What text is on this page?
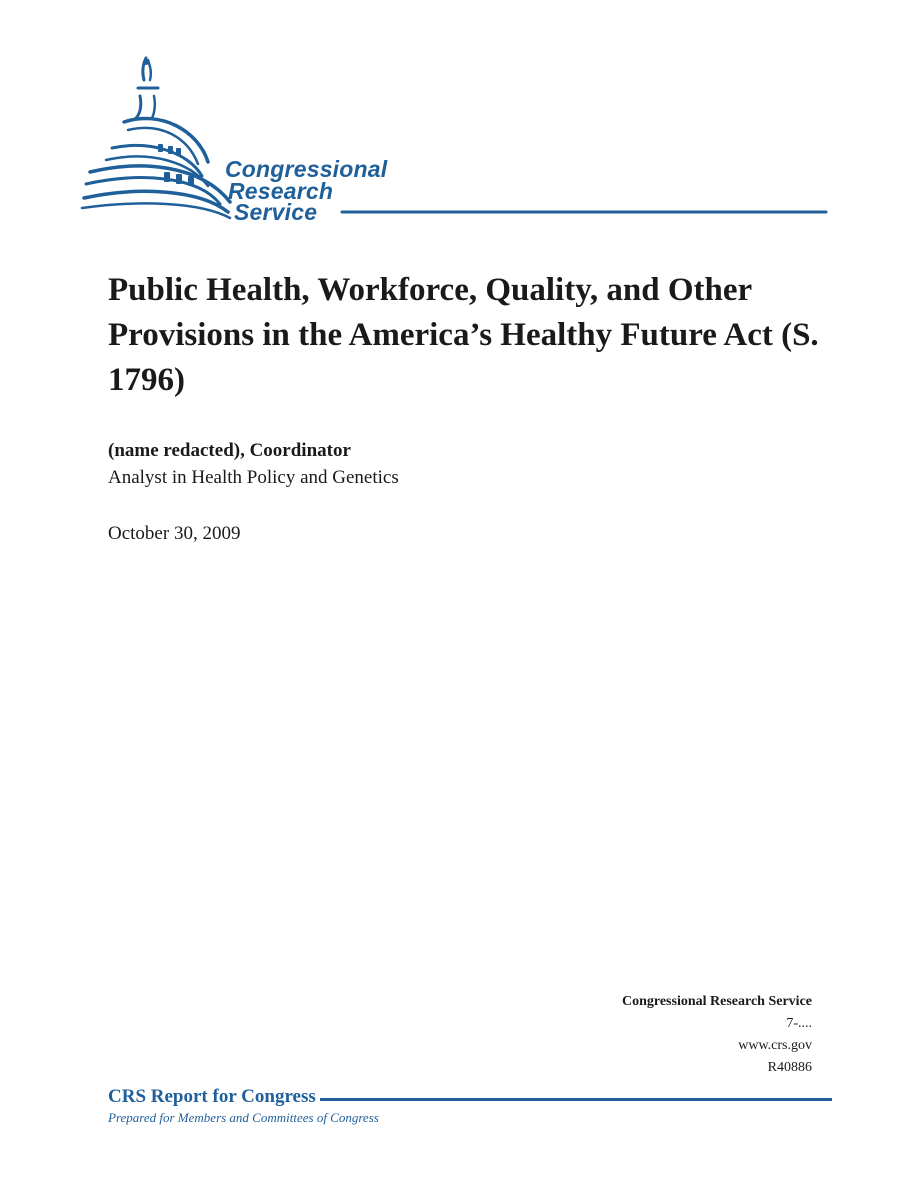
Congressional
Research
Service
Public Health, Workforce, Quality, and Other Provisions in the America’s Healthy Future Act (S. 1796)
(name redacted), Coordinator
Analyst in Health Policy and Genetics
October 30, 2009
Congressional Research Service
7-....
www.crs.gov
R40886
CRS Report for Congress
Prepared for Members and Committees of Congress
